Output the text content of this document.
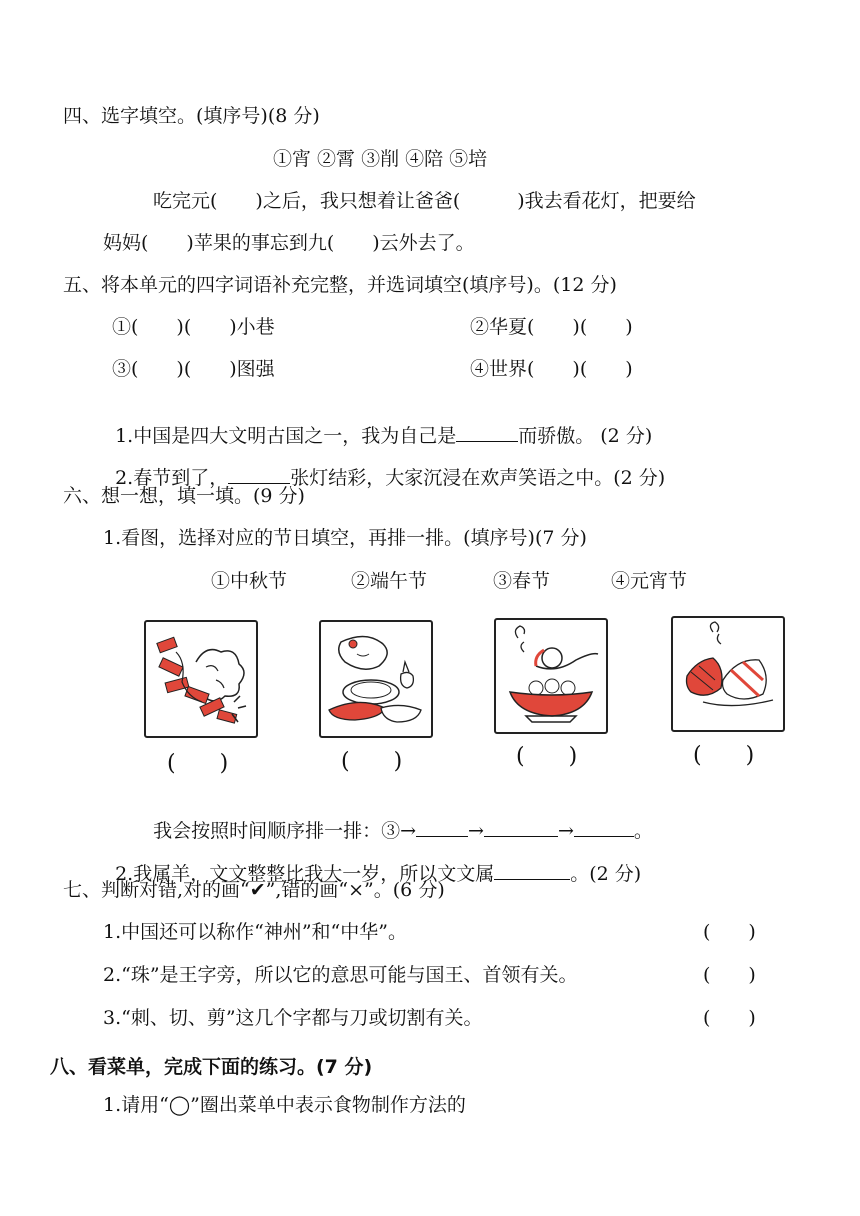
四、选字填空。(填序号)(8 分)
①宵 ②霄 ③削 ④陪 ⑤培
吃完元(　　)之后，我只想着让爸爸(　　　)我去看花灯，把要给
妈妈(　　)苹果的事忘到九(　　)云外去了。
五、将本单元的四字词语补充完整，并选词填空(填序号)。(12 分)
①(　　)(　　)小巷	②华夏(　　)(　　)
③(　　)(　　)图强	④世界(　　)(　　)

1.中国是四大文明古国之一，我为自己是	而骄傲。 (2 分)

2.春节到了，	张灯结彩，大家沉浸在欢声笑语之中。(2 分)

六、想一想，填一填。(9 分)
1.看图，选择对应的节日填空，再排一排。(填序号)(7 分)
①中秋节	②端午节	③春节	④元宵节
(　　)	(　　)	(　　)	(　　)

我会按照时间顺序排一排：③→	→	→	。

2.我属羊，文文整整比我大一岁，所以文文属	。(2 分)

七、判断对错,对的画“✔”,错的画“×”。(6 分)
1.中国还可以称作“神州”和“中华”。	(　　)
2.“珠”是王字旁，所以它的意思可能与国王、首领有关。	(　　)
3.“刺、切、剪”这几个字都与刀或切割有关。	(　　)
八、看菜单，完成下面的练习。(7 分)
1.请用“◯”圈出菜单中表示食物制作方法的
